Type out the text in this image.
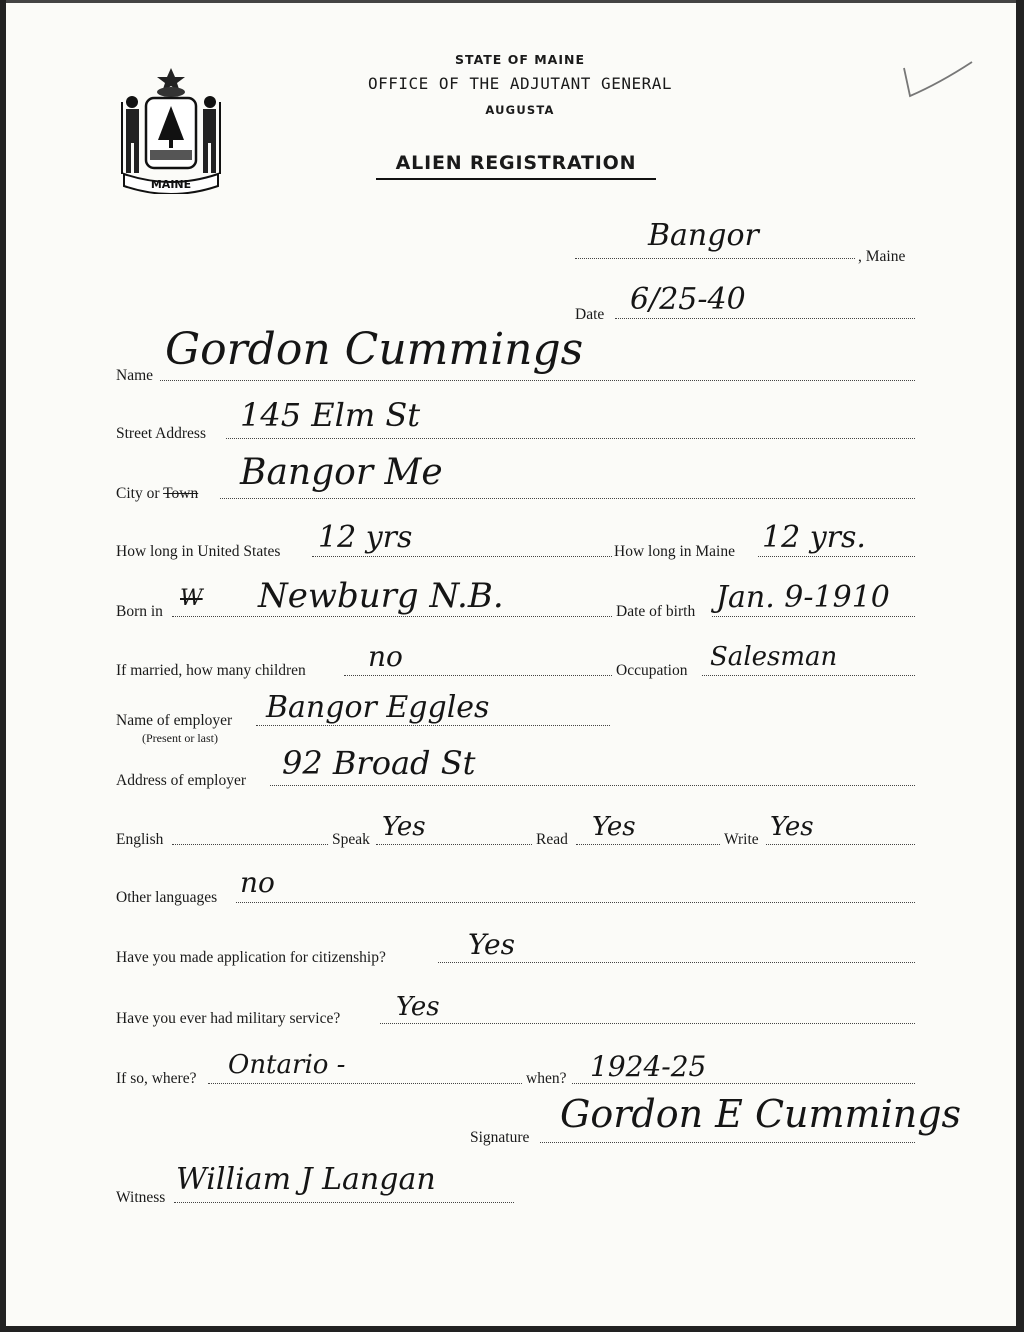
MAINE
STATE OF MAINE
OFFICE OF THE ADJUTANT GENERAL
AUGUSTA
ALIEN REGISTRATION
Bangor
, Maine
Date 6/25-40
Name
Gordon Cummings
Street Address 145 Elm St
City or Town
Bangor Me
How long in United States 12 yrs	How long in Maine 12 yrs.
Born in
W Newburg N.B.	Date of birth Jan. 9-1910
If married, how many children no	Occupation Salesman
Name of employer
(Present or last)
Bangor Eggles
Address of employer 92 Broad St
English	Speak Yes	Read Yes	Write Yes
Other languages no
Have you made application for citizenship?	Yes
Have you ever had military service? Yes
If so, where? Ontario -	when? 1924-25
Signature
Gordon E Cummings
Witness
William J Langan
